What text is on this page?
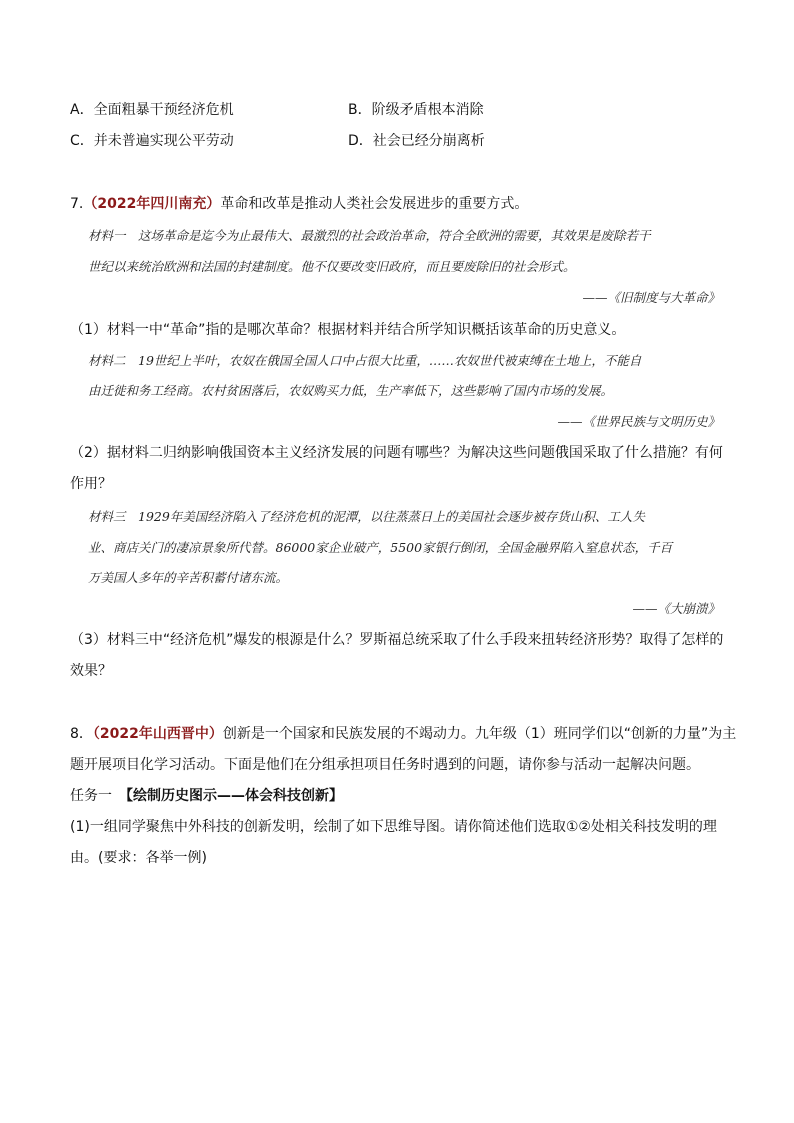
A．全面粗暴干预经济危机	B．阶级矛盾根本消除
C．并未普遍实现公平劳动	D．社会已经分崩离析
7.（2022年四川南充）革命和改革是推动人类社会发展进步的重要方式。
材料一　这场革命是迄今为止最伟大、最激烈的社会政治革命，符合全欧洲的需要，其效果是废除若干
世纪以来统治欧洲和法国的封建制度。他不仅要改变旧政府，而且要废除旧的社会形式。
——《旧制度与大革命》
（1）材料一中“革命”指的是哪次革命？根据材料并结合所学知识概括该革命的历史意义。
材料二　19世纪上半叶，农奴在俄国全国人口中占很大比重，……农奴世代被束缚在土地上，不能自
由迁徙和务工经商。农村贫困落后，农奴购买力低，生产率低下，这些影响了国内市场的发展。
——《世界民族与文明历史》
（2）据材料二归纳影响俄国资本主义经济发展的问题有哪些？为解决这些问题俄国采取了什么措施？有何
作用？
材料三　1929年美国经济陷入了经济危机的泥潭，以往蒸蒸日上的美国社会逐步被存货山积、工人失
业、商店关门的凄凉景象所代替。86000家企业破产，5500家银行倒闭，全国金融界陷入窒息状态，千百
万美国人多年的辛苦积蓄付诸东流。
——《大崩溃》
（3）材料三中“经济危机”爆发的根源是什么？罗斯福总统采取了什么手段来扭转经济形势？取得了怎样的
效果？
8．（2022年山西晋中）创新是一个国家和民族发展的不竭动力。九年级（1）班同学们以“创新的力量”为主
题开展项目化学习活动。下面是他们在分组承担项目任务时遇到的问题，请你参与活动一起解决问题。
任务一　【绘制历史图示——体会科技创新】
(1)一组同学聚焦中外科技的创新发明，绘制了如下思维导图。请你简述他们选取①②处相关科技发明的理
由。(要求：各举一例)
